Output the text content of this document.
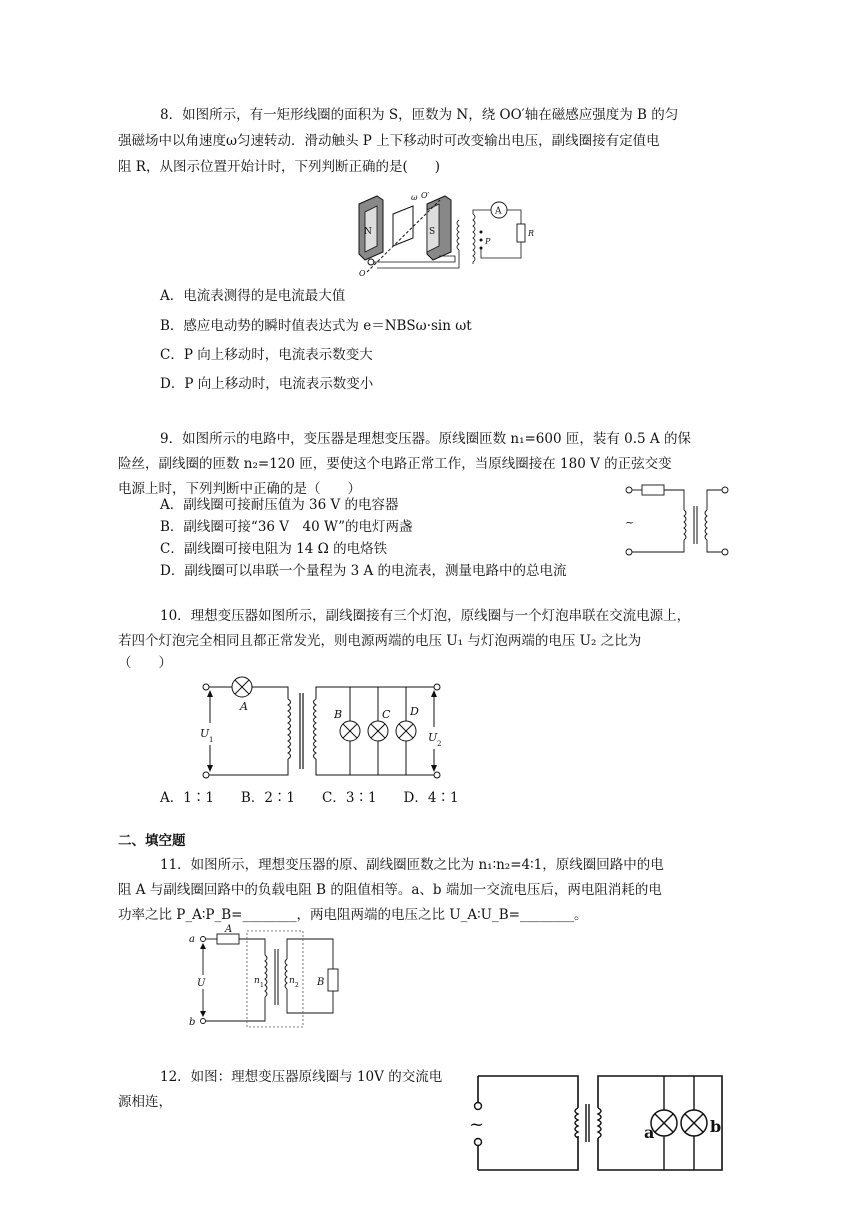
8．如图所示，有一矩形线圈的面积为 S，匝数为 N，绕 OO′轴在磁感应强度为 B 的匀
强磁场中以角速度ω匀速转动．滑动触头 P 上下移动时可改变输出电压，副线圈接有定值电
阻 R，从图示位置开始计时，下列判断正确的是(　　)
N	S
ω O′
O
P
A
R
A．电流表测得的是电流最大值
B．感应电动势的瞬时值表达式为 e＝NBSω·sin ωt
C．P 向上移动时，电流表示数变大
D．P 向上移动时，电流表示数变小
9．如图所示的电路中，变压器是理想变压器。原线圈匝数 n₁=600 匝，装有 0.5 A 的保
险丝，副线圈的匝数 n₂=120 匝，要使这个电路正常工作，当原线圈接在 180 V 的正弦交变
电源上时，下列判断中正确的是（　　）
~
A．副线圈可接耐压值为 36 V 的电容器
B．副线圈可接“36 V　40 W”的电灯两盏
C．副线圈可接电阻为 14 Ω 的电烙铁
D．副线圈可以串联一个量程为 3 A 的电流表，测量电路中的总电流
10．理想变压器如图所示，副线圈接有三个灯泡，原线圈与一个灯泡串联在交流电源上，
若四个灯泡完全相同且都正常发光，则电源两端的电压 U₁ 与灯泡两端的电压 U₂ 之比为
（　　）
A
U 1
B	C D
U 2
A．1∶1　　B．2∶1　　C．3∶1　　D．4∶1
二、填空题
11．如图所示，理想变压器的原、副线圈匝数之比为 n₁∶n₂=4∶1，原线圈回路中的电
阻 A 与副线圈回路中的负载电阻 B 的阻值相等。a、b 端加一交流电压后，两电阻消耗的电
功率之比 P_A∶P_B=________，两电阻两端的电压之比 U_A∶U_B=________。
a
A
b
U	n 1	n 2 B
12．如图：理想变压器原线圈与 10V 的交流电
源相连，
~	a	b
